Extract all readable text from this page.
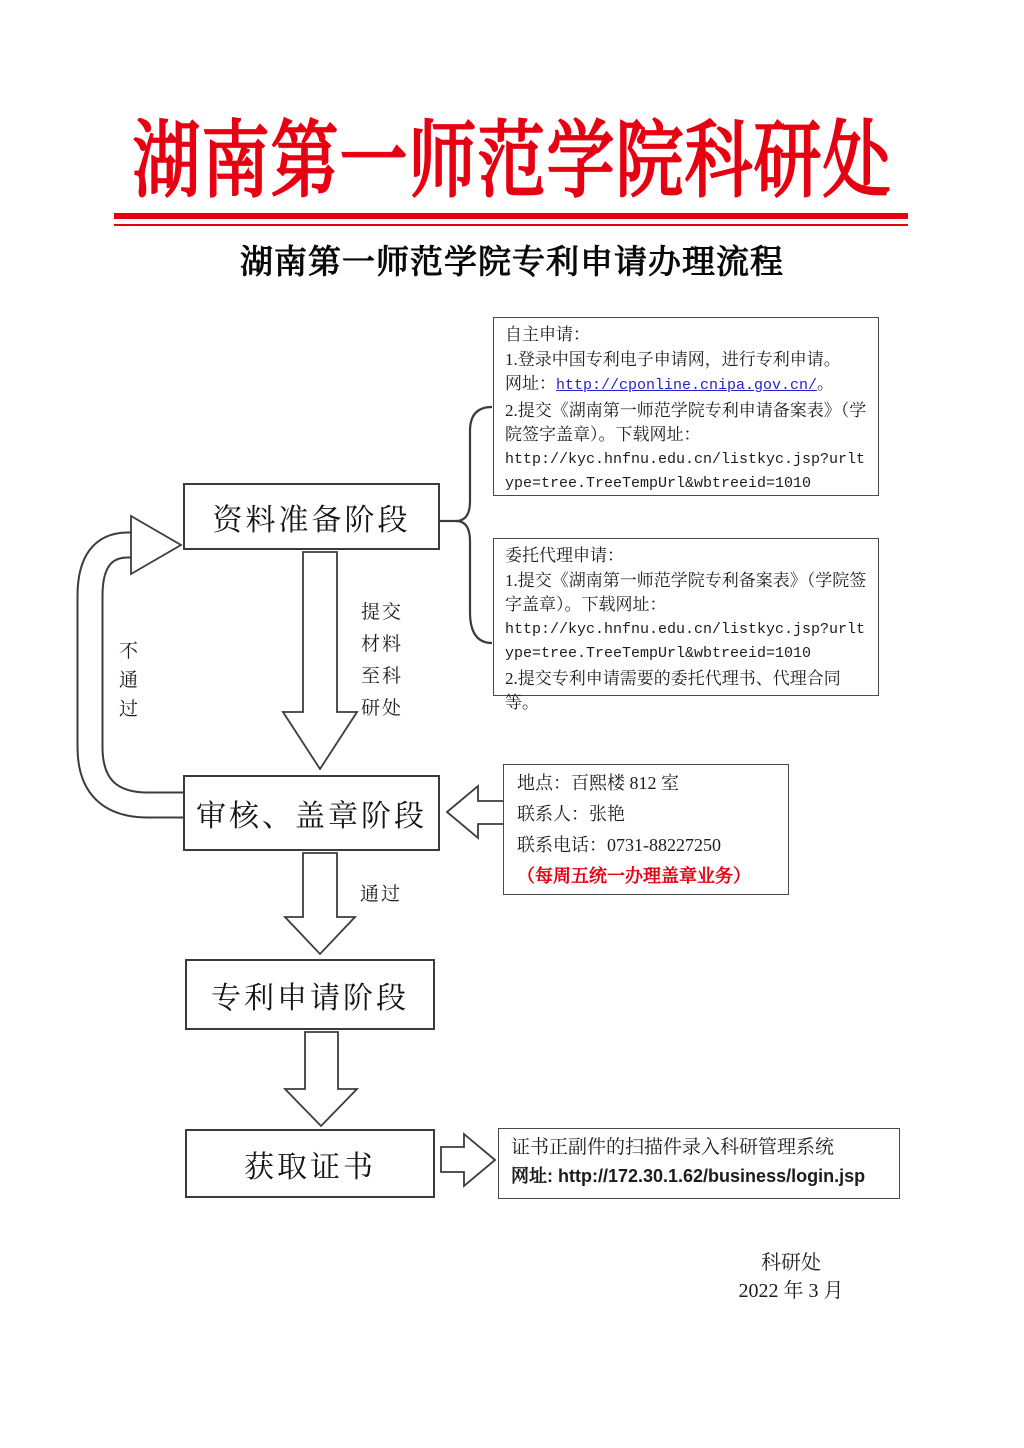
湖南第一师范学院科研处
湖南第一师范学院专利申请办理流程
资料准备阶段
审核、盖章阶段
专利申请阶段
获取证书
提交材料至科研处
不通过
通过
自主申请：
1.登录中国专利电子申请网，进行专利申请。
网址：http://cponline.cnipa.gov.cn/。
2.提交《湖南第一师范学院专利申请备案表》（学院签字盖章）。下载网址：
http://kyc.hnfnu.edu.cn/listkyc.jsp?urltype=tree.TreeTempUrl&wbtreeid=1010
委托代理申请：
1.提交《湖南第一师范学院专利备案表》（学院签字盖章）。下载网址：
http://kyc.hnfnu.edu.cn/listkyc.jsp?urltype=tree.TreeTempUrl&wbtreeid=1010
2.提交专利申请需要的委托代理书、代理合同等。
地点：百熙楼 812 室
联系人：张艳
联系电话：0731-88227250
（每周五统一办理盖章业务）
证书正副件的扫描件录入科研管理系统
网址: http://172.30.1.62/business/login.jsp
科研处
2022 年 3 月
